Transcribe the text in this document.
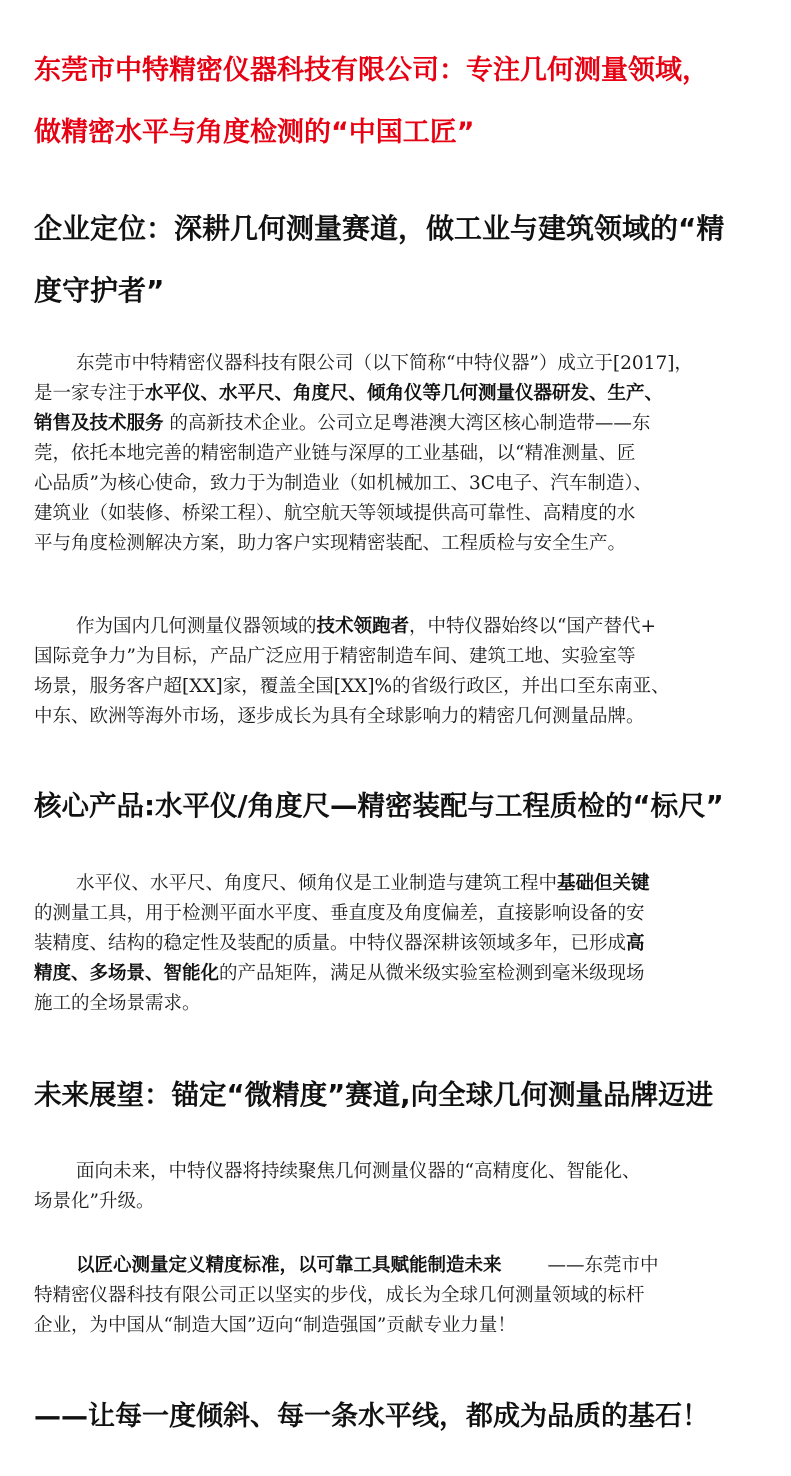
东莞市中特精密仪器科技有限公司：专注几何测量领域，

做精密水平与角度检测的“中国工匠”

企业定位：深耕几何测量赛道，做工业与建筑领域的“精
度守护者”
东莞市中特精密仪器科技有限公司（以下简称“中特仪器”）成立于[2017]，
是一家专注于水平仪、水平尺、角度尺、倾角仪等几何测量仪器研发、生产、
销售及技术服务 的高新技术企业。公司立足粤港澳大湾区核心制造带——东
莞，依托本地完善的精密制造产业链与深厚的工业基础，以“精准测量、匠
心品质”为核心使命，致力于为制造业（如机械加工、3C电子、汽车制造）、
建筑业（如装修、桥梁工程）、航空航天等领域提供高可靠性、高精度的水
平与角度检测解决方案，助力客户实现精密装配、工程质检与安全生产。
作为国内几何测量仪器领域的技术领跑者，中特仪器始终以“国产替代+
国际竞争力”为目标，产品广泛应用于精密制造车间、建筑工地、实验室等
场景，服务客户超[XX]家，覆盖全国[XX]%的省级行政区，并出口至东南亚、
中东、欧洲等海外市场，逐步成长为具有全球影响力的精密几何测量品牌。
核心产品:水平仪/角度尺—精密装配与工程质检的“标尺”
水平仪、水平尺、角度尺、倾角仪是工业制造与建筑工程中基础但关键
的测量工具，用于检测平面水平度、垂直度及角度偏差，直接影响设备的安
装精度、结构的稳定性及装配的质量。中特仪器深耕该领域多年，已形成高
精度、多场景、智能化的产品矩阵，满足从微米级实验室检测到毫米级现场
施工的全场景需求。
未来展望：锚定“微精度”赛道,向全球几何测量品牌迈进
面向未来，中特仪器将持续聚焦几何测量仪器的“高精度化、智能化、
场景化”升级。
以匠心测量定义精度标准，以可靠工具赋能制造未来 ——东莞市中
特精密仪器科技有限公司正以坚实的步伐，成长为全球几何测量领域的标杆
企业，为中国从“制造大国”迈向“制造强国”贡献专业力量！

——让每一度倾斜、每一条水平线，都成为品质的基石！
